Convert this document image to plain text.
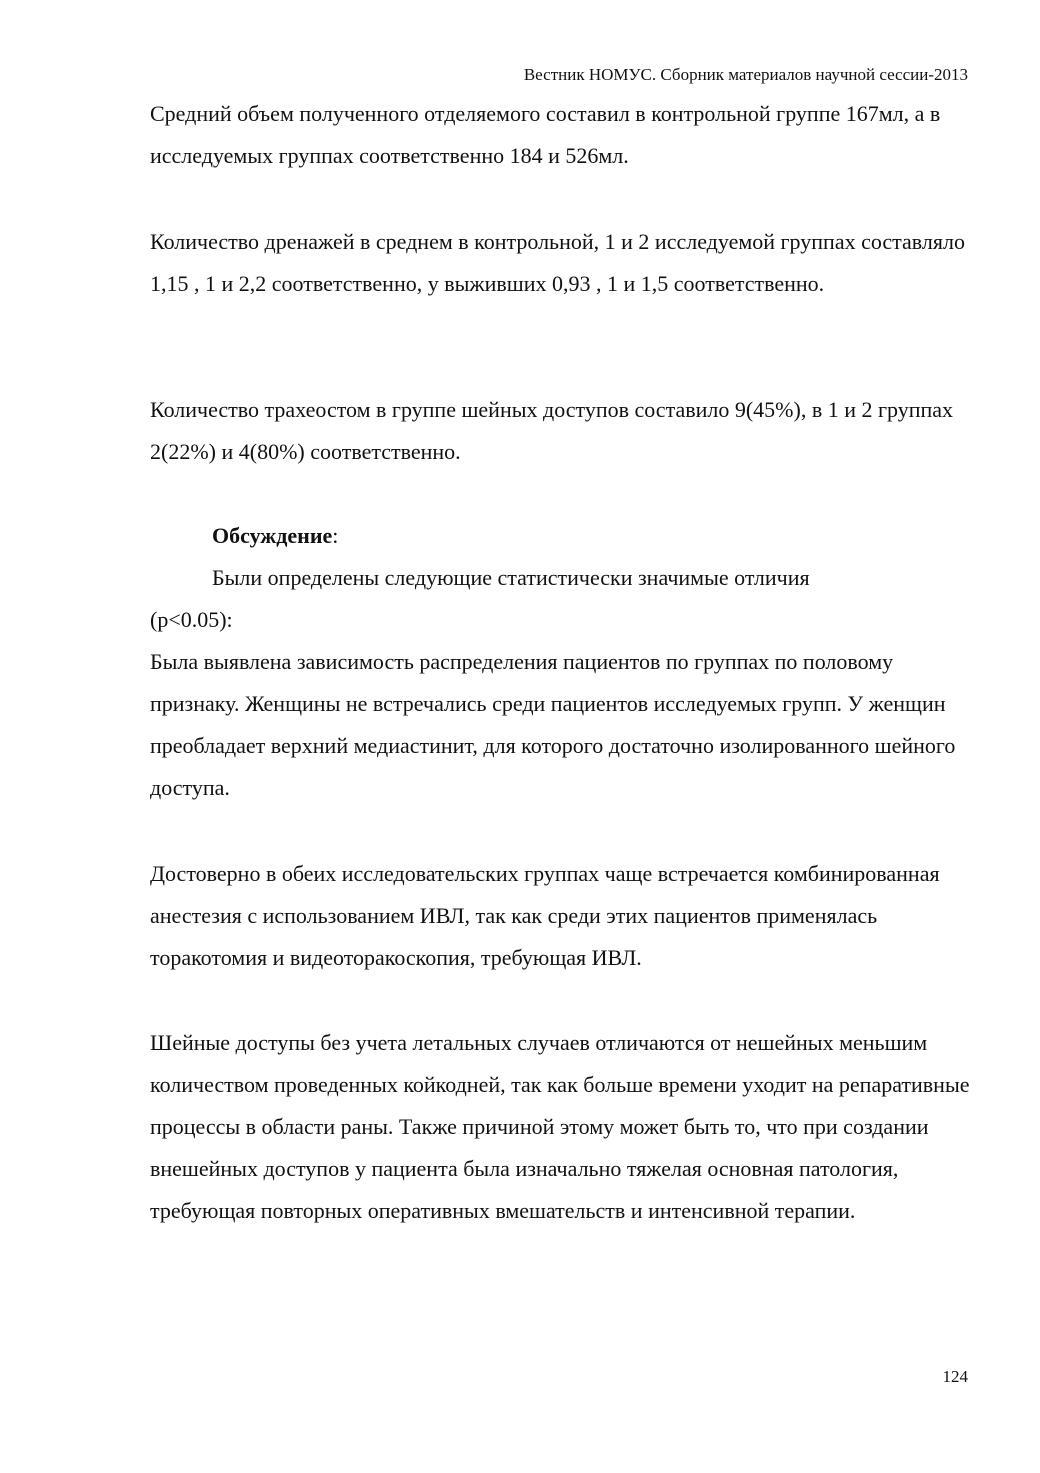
Вестник НОМУС. Сборник материалов научной сессии-2013

Средний объем полученного отделяемого составил в контрольной группе 167мл, а в исследуемых группах соответственно 184 и 526мл.

Количество дренажей в среднем в контрольной, 1 и 2 исследуемой группах составляло 1,15 , 1 и 2,2 соответственно, у выживших 0,93 , 1 и 1,5 соответственно.

Количество трахеостом в группе шейных доступов составило 9(45%), в 1 и 2 группах 2(22%) и 4(80%) соответственно.

Обсуждение:

Были определены следующие статистически значимые отличия

(p<0.05):

Была выявлена зависимость распределения пациентов по группах по половому признаку. Женщины не встречались среди пациентов исследуемых групп. У женщин преобладает верхний медиастинит, для которого достаточно изолированного шейного доступа.

Достоверно в обеих исследовательских группах чаще встречается комбинированная анестезия с использованием ИВЛ, так как среди этих пациентов применялась торакотомия и видеоторакоскопия, требующая ИВЛ.

Шейные доступы без учета летальных случаев отличаются от нешейных меньшим количеством проведенных койкодней, так как больше времени уходит на репаративные процессы в области раны. Также причиной этому может быть то, что при создании внешейных доступов у пациента была изначально тяжелая основная патология, требующая повторных оперативных вмешательств и интенсивной терапии.

124
